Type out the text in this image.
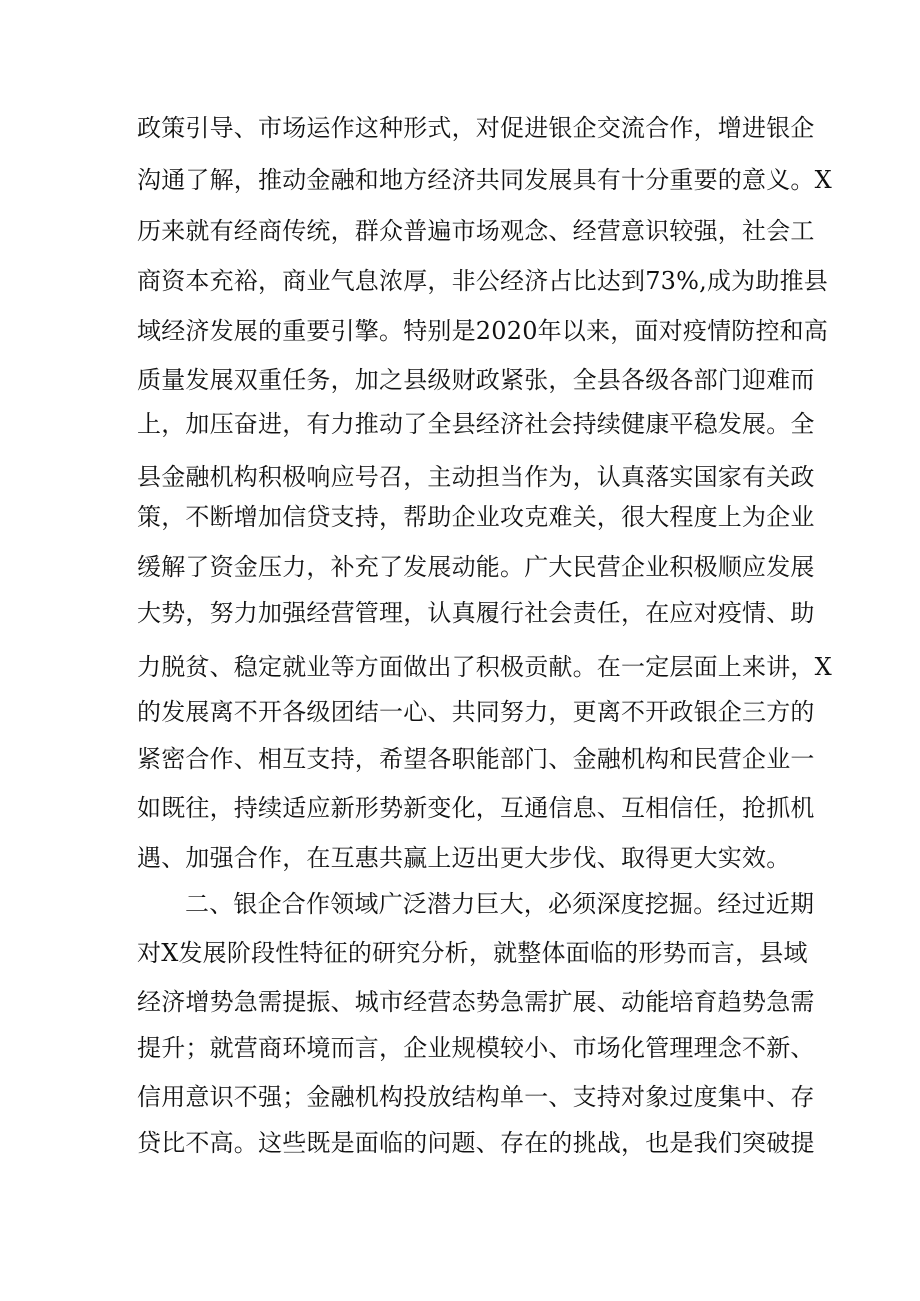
政策引导、市场运作这种形式，对促进银企交流合作，增进银企
沟通了解，推动金融和地方经济共同发展具有十分重要的意义。X
历来就有经商传统，群众普遍市场观念、经营意识较强，社会工
商资本充裕，商业气息浓厚，非公经济占比达到73%,成为助推县
域经济发展的重要引擎。特别是2020年以来，面对疫情防控和高
质量发展双重任务，加之县级财政紧张，全县各级各部门迎难而
上，加压奋进，有力推动了全县经济社会持续健康平稳发展。全
县金融机构积极响应号召，主动担当作为，认真落实国家有关政
策，不断增加信贷支持，帮助企业攻克难关，很大程度上为企业
缓解了资金压力，补充了发展动能。广大民营企业积极顺应发展
大势，努力加强经营管理，认真履行社会责任，在应对疫情、助
力脱贫、稳定就业等方面做出了积极贡献。在一定层面上来讲，X
的发展离不开各级团结一心、共同努力，更离不开政银企三方的
紧密合作、相互支持，希望各职能部门、金融机构和民营企业一
如既往，持续适应新形势新变化，互通信息、互相信任，抢抓机
遇、加强合作，在互惠共赢上迈出更大步伐、取得更大实效。
二、银企合作领域广泛潜力巨大，必须深度挖掘。经过近期
对X发展阶段性特征的研究分析，就整体面临的形势而言，县域
经济增势急需提振、城市经营态势急需扩展、动能培育趋势急需
提升；就营商环境而言，企业规模较小、市场化管理理念不新、
信用意识不强；金融机构投放结构单一、支持对象过度集中、存
贷比不高。这些既是面临的问题、存在的挑战，也是我们突破提
